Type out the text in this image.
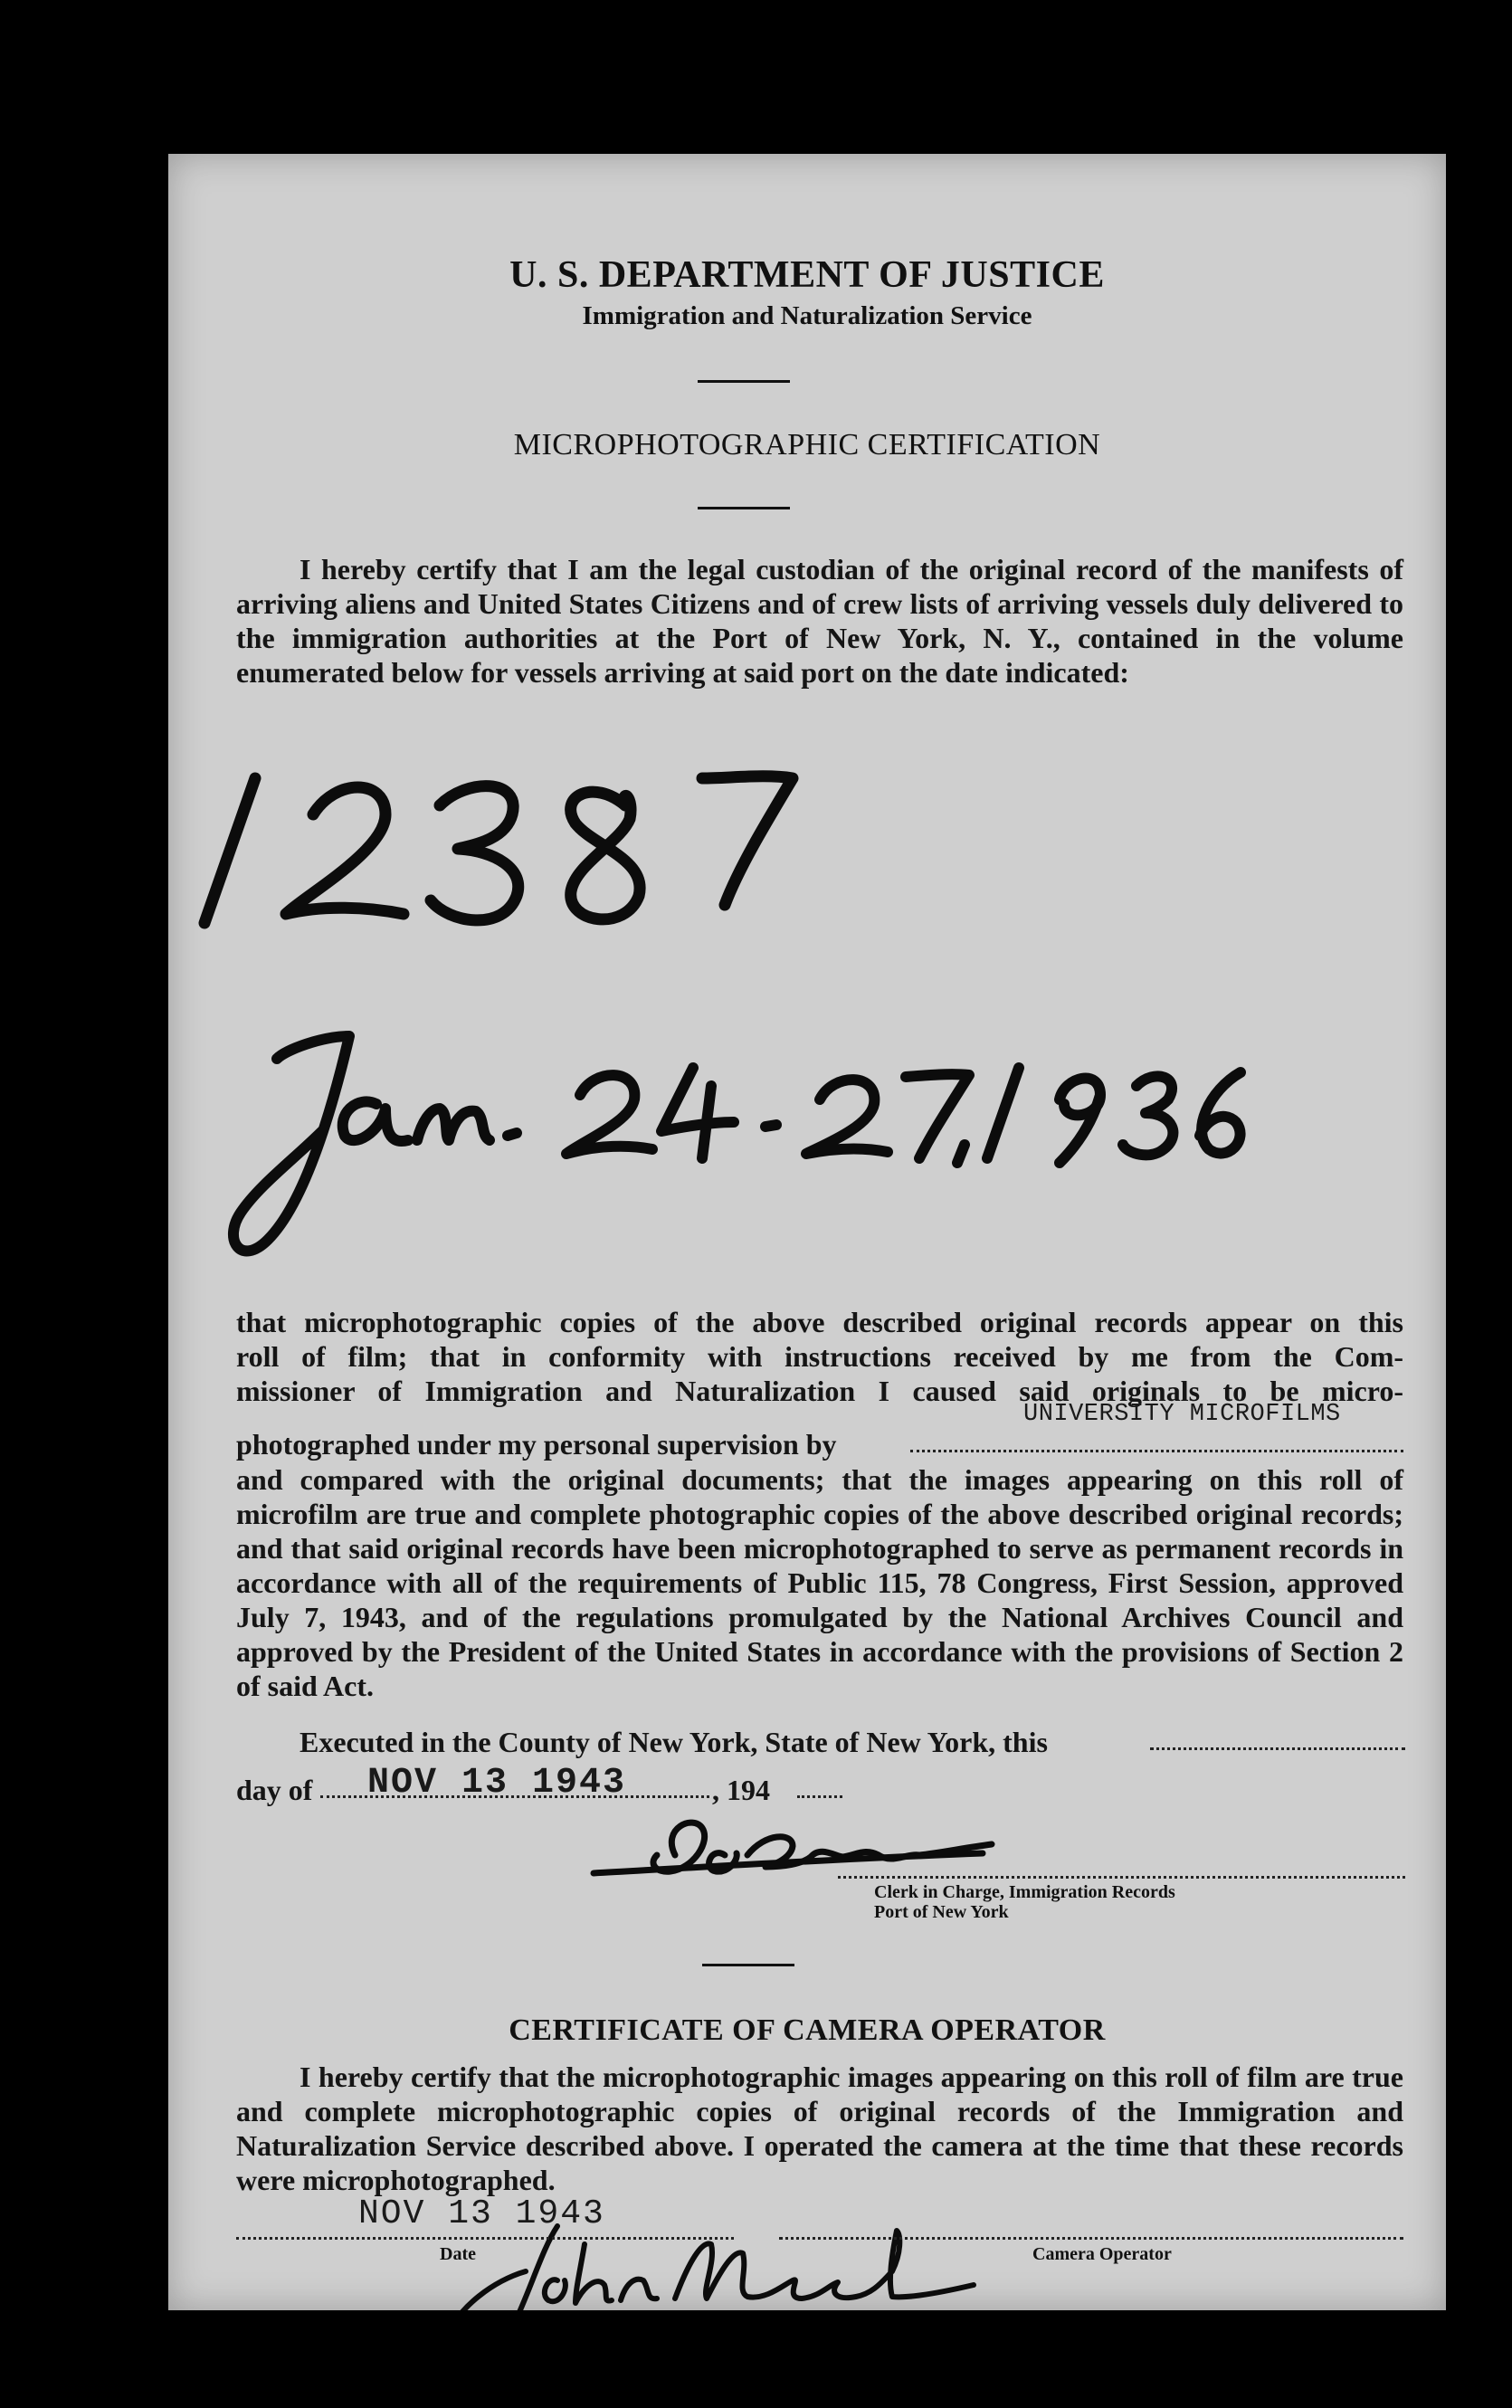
U. S. DEPARTMENT OF JUSTICE
Immigration and Naturalization Service
MICROPHOTOGRAPHIC CERTIFICATION
I hereby certify that I am the legal custodian of the original record of the manifests of arriving aliens and United States Citizens and of crew lists of arriving vessels duly delivered to the immigration authorities at the Port of New York, N. Y., contained in the volume enumerated below for vessels arriving at said port on the date indicated:
that microphotographic copies of the above described original records appear on this
roll of film; that in conformity with instructions received by me from the Com-
missioner of Immigration and Naturalization I caused said originals to be micro-
UNIVERSITY MICROFILMS
photographed under my personal supervision by
and compared with the original documents; that the images appearing on this roll of microfilm are true and complete photographic copies of the above described original records; and that said original records have been microphotographed to serve as permanent records in accordance with all of the requirements of Public 115, 78 Congress, First Session, approved July 7, 1943, and of the regulations promulgated by the National Archives Council and approved by the President of the United States in accordance with the provisions of Section 2 of said Act.
Executed in the County of New York, State of New York, this
day of NOV 13 1943	, 194
Clerk in Charge, Immigration Records
Port of New York
CERTIFICATE OF CAMERA OPERATOR
I hereby certify that the microphotographic images appearing on this roll of film are true and complete microphotographic copies of original records of the Immigration and Naturalization Service described above. I operated the camera at the time that these records were microphotographed.
NOV 13 1943
Date	Camera Operator
